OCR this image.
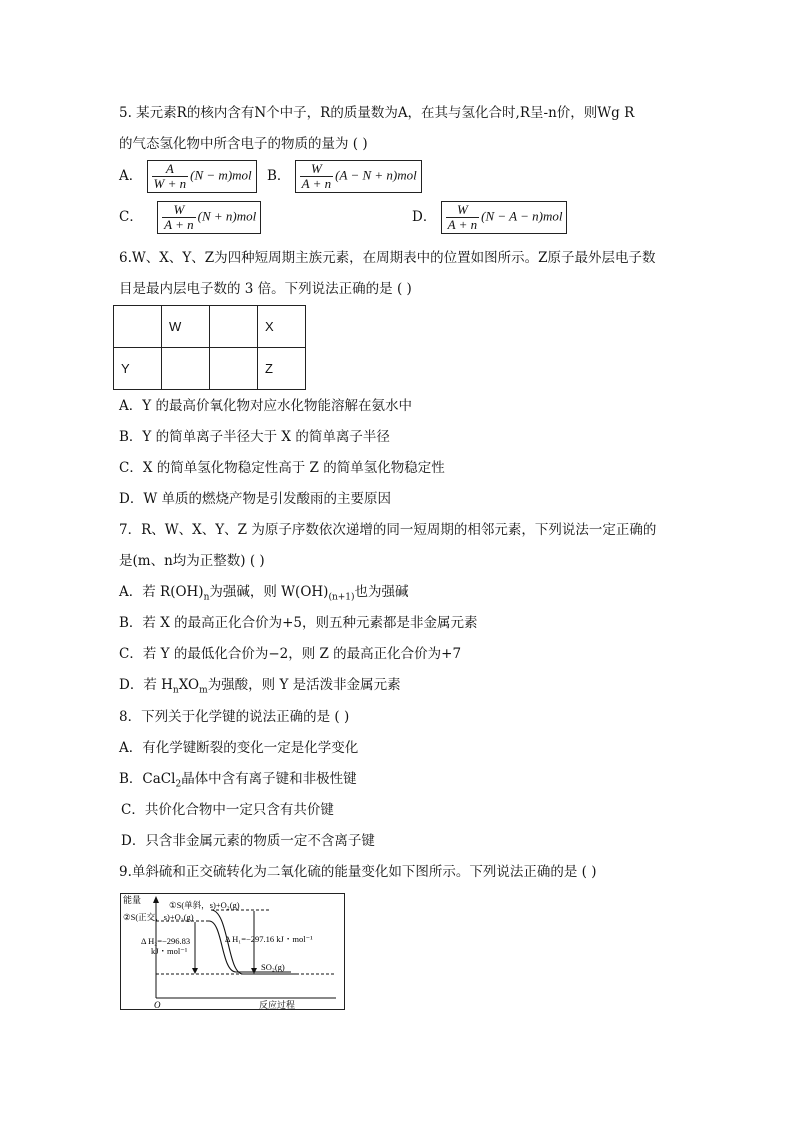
5. 某元素R的核内含有N个中子，R的质量数为A，在其与氢化合时,R呈-n价，则Wg R
的气态氢化物中所含电子的物质的量为 ( )
A． $\frac{A}{W + n} (N - m)mol$ B． $\frac{W}{A + n} (A - N + n)mol$
C． $\frac{W}{A + n} (N + n)mol$	D． $\frac{W}{A + n} (N - A - n)mol$
6.W、X、Y、Z为四种短周期主族元素，在周期表中的位置如图所示。Z原子最外层电子数
目是最内层电子数的 3 倍。下列说法正确的是 ( )
	W		X
Y			Z
A．Y 的最高价氧化物对应水化物能溶解在氨水中
B．Y 的简单离子半径大于 X 的简单离子半径
C．X 的简单氢化物稳定性高于 Z 的简单氢化物稳定性
D．W 单质的燃烧产物是引发酸雨的主要原因
7．R、W、X、Y、Z 为原子序数依次递增的同一短周期的相邻元素，下列说法一定正确的
是(m、n均为正整数) ( )
A．若 $R(OH)_n$为强碱，则 $W(OH)_{(n+1)}$也为强碱
B．若 X 的最高正化合价为+5，则五种元素都是非金属元素
C．若 Y 的最低化合价为−2，则 Z 的最高正化合价为+7
D．若 $H_nXO_m$为强酸，则 Y 是活泼非金属元素
8．下列关于化学键的说法正确的是 ( )
A．有化学键断裂的变化一定是化学变化
B．CaCl$_2$晶体中含有离子键和非极性键
C．共价化合物中一定只含有共价键
D．只含非金属元素的物质一定不含离子键
9.单斜硫和正交硫转化为二氧化硫的能量变化如下图所示。下列说法正确的是 ( )
能量	①S(单斜，s)+O₂(g)
②S(正交，s)+O₂(g)
Δ H₂=−296.83
kJ・mol⁻¹
Δ H₁=−297.16 kJ・mol⁻¹
SO₂(g)
O	反应过程
